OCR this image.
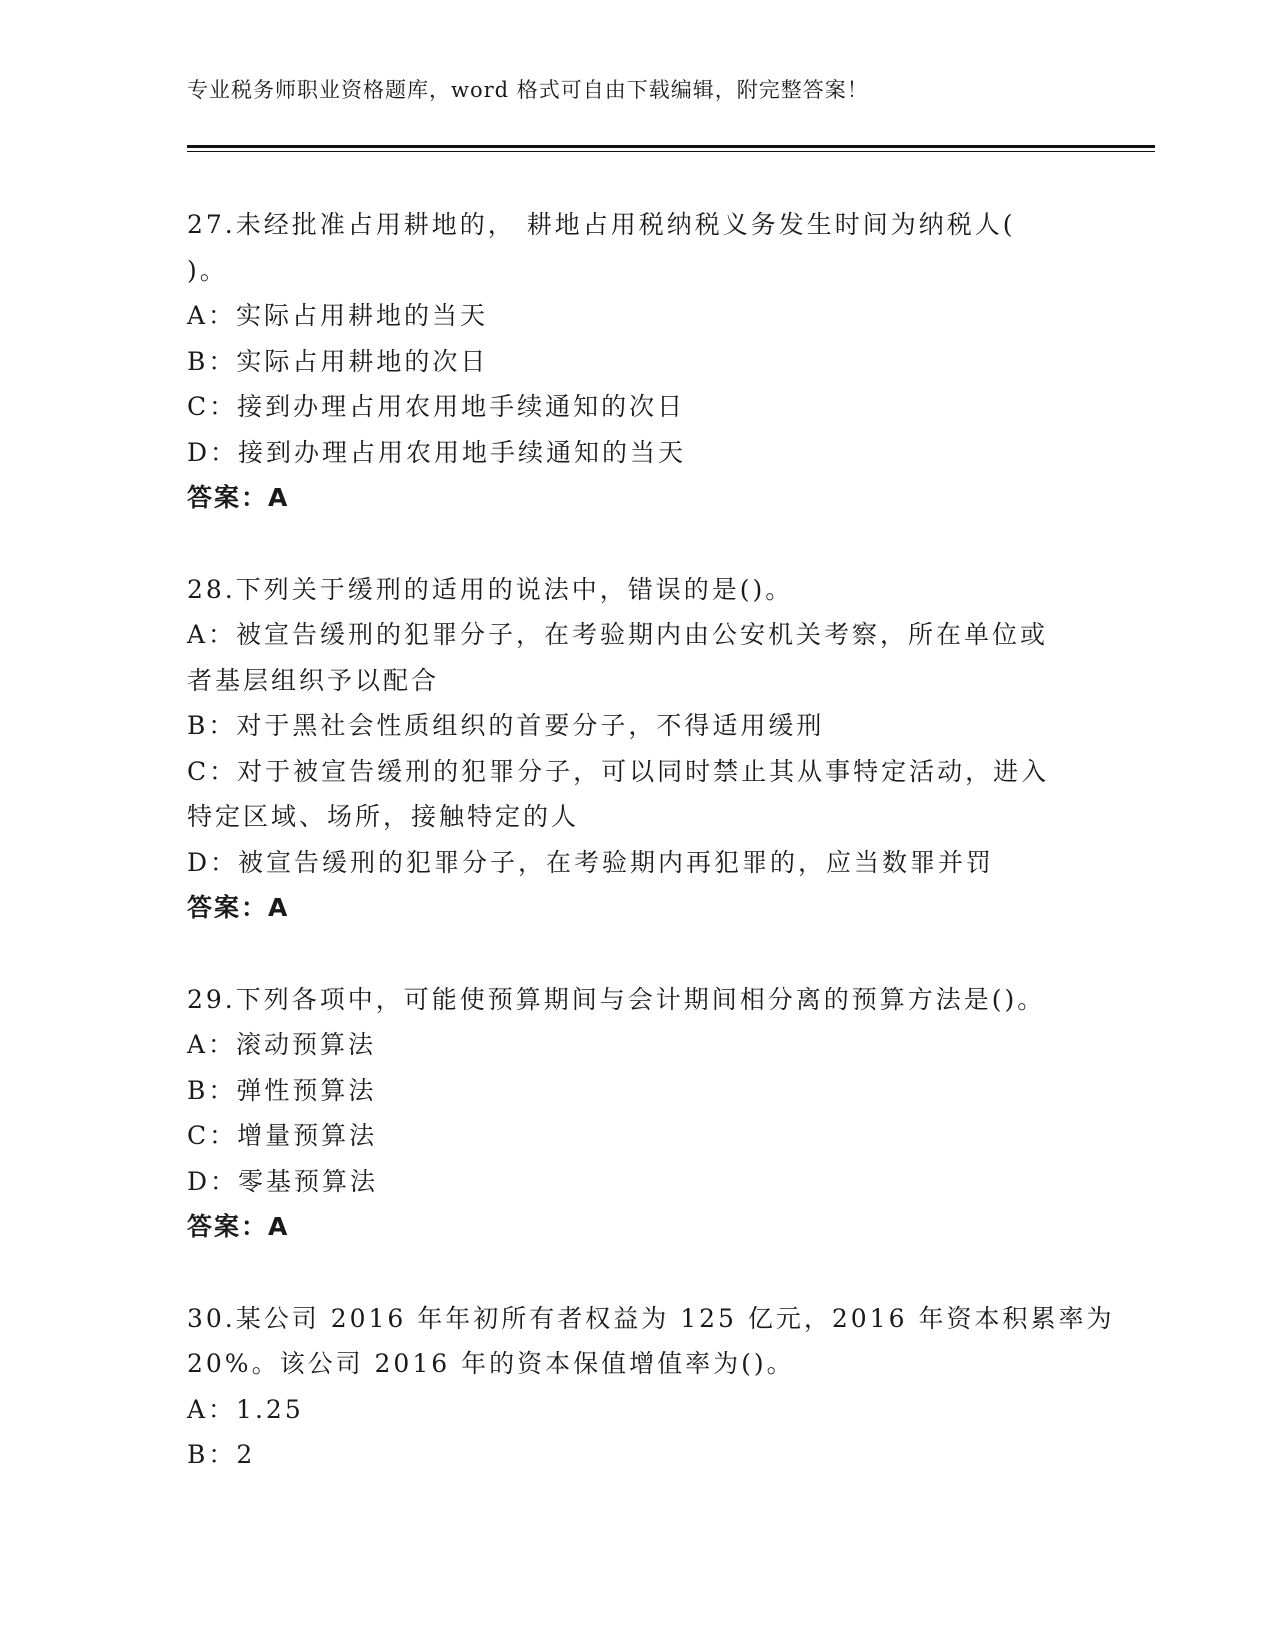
专业税务师职业资格题库，word 格式可自由下载编辑，附完整答案！
27.未经批准占用耕地的， 耕地占用税纳税义务发生时间为纳税人(
)。
A：实际占用耕地的当天
B：实际占用耕地的次日
C：接到办理占用农用地手续通知的次日
D：接到办理占用农用地手续通知的当天
答案：A
28.下列关于缓刑的适用的说法中，错误的是()。
A：被宣告缓刑的犯罪分子，在考验期内由公安机关考察，所在单位或
者基层组织予以配合
B：对于黑社会性质组织的首要分子，不得适用缓刑
C：对于被宣告缓刑的犯罪分子，可以同时禁止其从事特定活动，进入
特定区域、场所，接触特定的人
D：被宣告缓刑的犯罪分子，在考验期内再犯罪的，应当数罪并罚
答案：A
29.下列各项中，可能使预算期间与会计期间相分离的预算方法是()。
A：滚动预算法
B：弹性预算法
C：增量预算法
D：零基预算法
答案：A
30.某公司 2016 年年初所有者权益为 125 亿元，2016 年资本积累率为
20%。该公司 2016 年的资本保值增值率为()。
A：1.25
B：2
